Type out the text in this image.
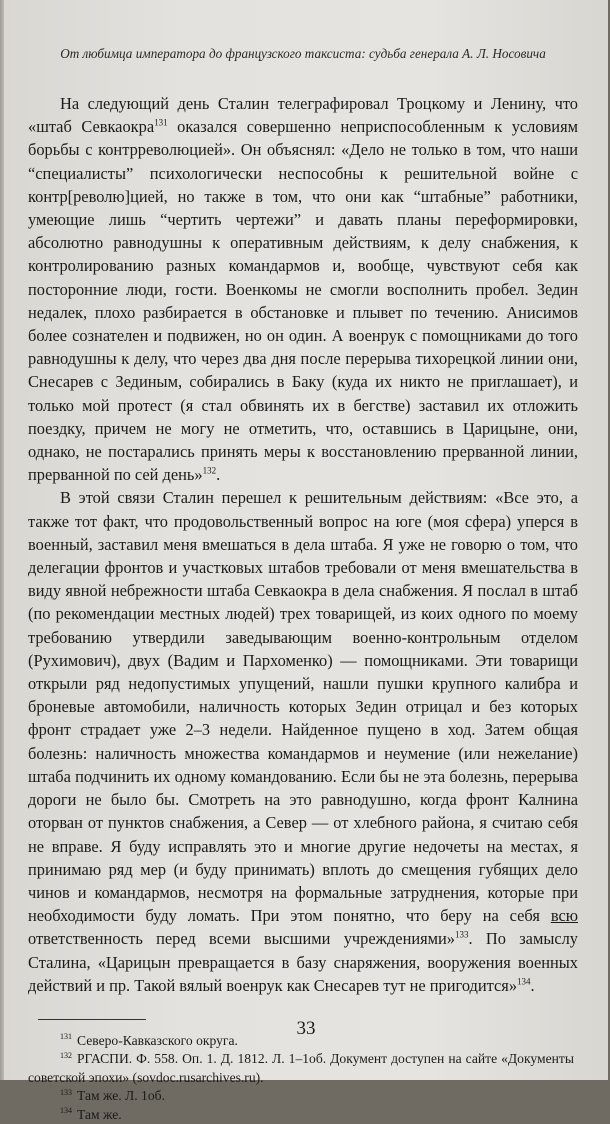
От любимца императора до французского таксиста: судьба генерала А. Л. Носовича

На следующий день Сталин телеграфировал Троцкому и Ленину, что «штаб Севкаокра$^{131}$ оказался совершенно неприспособленным к условиям борьбы с контрреволюцией». Он объяснял: «Дело не только в том, что наши “специалисты” психологически неспособны к решительной войне с контр[револю]цией, но также в том, что они как “штабные” работники, умеющие лишь “чертить чертежи” и давать планы переформировки, абсолютно равнодушны к оперативным действиям, к делу снабжения, к контролированию разных командармов и, вообще, чувствуют себя как посторонние люди, гости. Военкомы не смогли восполнить пробел. Зедин недалек, плохо разбирается в обстановке и плывет по течению. Анисимов более сознателен и подвижен, но он один. А военрук с помощниками до того равнодушны к делу, что через два дня после перерыва тихорецкой линии они, Снесарев с Зединым, собирались в Баку (куда их никто не приглашает), и только мой протест (я стал обвинять их в бегстве) заставил их отложить поездку, причем не могу не отметить, что, оставшись в Царицыне, они, однако, не постарались принять меры к восстановлению прерванной линии, прерванной по сей день»$^{132}$.

В этой связи Сталин перешел к решительным действиям: «Все это, а также тот факт, что продовольственный вопрос на юге (моя сфера) уперся в военный, заставил меня вмешаться в дела штаба. Я уже не говорю о том, что делегации фронтов и участковых штабов требовали от меня вмешательства в виду явной небрежности штаба Севкаокра в дела снабжения. Я послал в штаб (по рекомендации местных людей) трех товарищей, из коих одного по моему требованию утвердили заведывающим военно-контрольным отделом (Рухимович), двух (Вадим и Пархоменко) — помощниками. Эти товарищи открыли ряд недопустимых упущений, нашли пушки крупного калибра и броневые автомобили, наличность которых Зедин отрицал и без которых фронт страдает уже 2–3 недели. Найденное пущено в ход. Затем общая болезнь: наличность множества командармов и неумение (или нежелание) штаба подчинить их одному командованию. Если бы не эта болезнь, перерыва дороги не было бы. Смотреть на это равнодушно, когда фронт Калнина оторван от пунктов снабжения, а Север — от хлебного района, я считаю себя не вправе. Я буду исправлять это и многие другие недочеты на местах, я принимаю ряд мер (и буду принимать) вплоть до смещения губящих дело чинов и командармов, несмотря на формальные затруднения, которые при необходимости буду ломать. При этом понятно, что беру на себя всю ответственность перед всеми высшими учреждениями»$^{133}$. По замыслу Сталина, «Царицын превращается в базу снаряжения, вооружения военных действий и пр. Такой вялый военрук как Снесарев тут не пригодится»$^{134}$.

$^{131}$ Северо-Кавказского округа.

$^{132}$ РГАСПИ. Ф. 558. Оп. 1. Д. 1812. Л. 1–1об. Документ доступен на сайте «Документы советской эпохи» (sovdoc.rusarchives.ru).

$^{133}$ Там же. Л. 1об.

$^{134}$ Там же.

33
